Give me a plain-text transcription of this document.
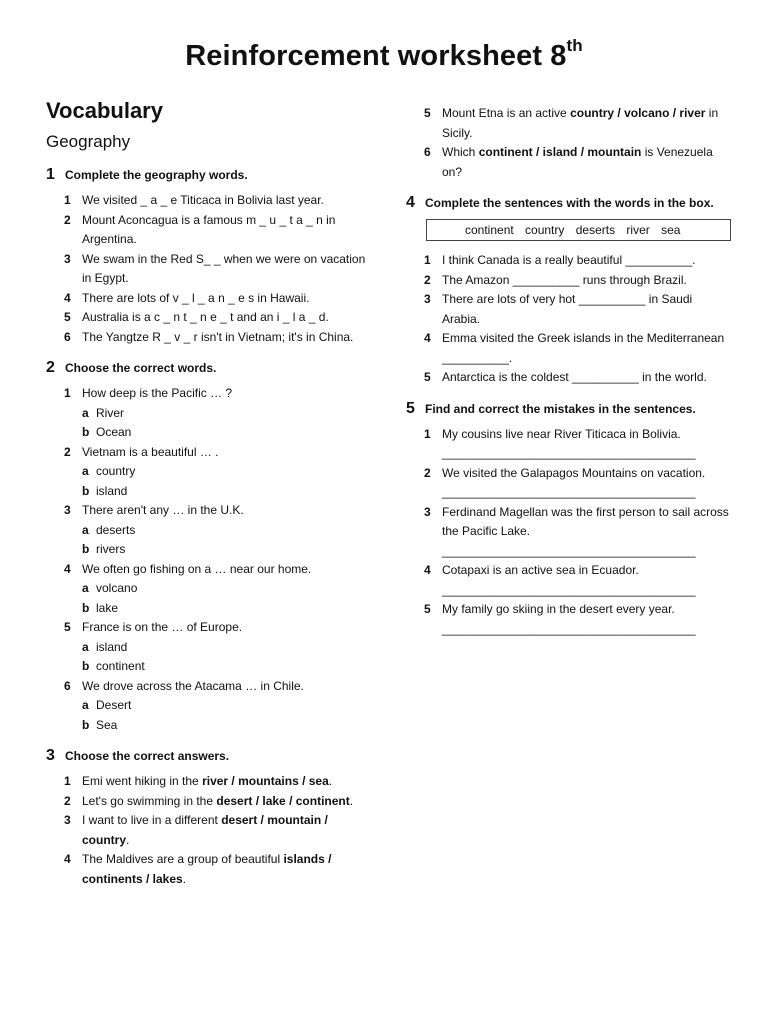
Reinforcement worksheet 8th
Vocabulary
Geography
1 Complete the geography words.
1 We visited _ a _ e Titicaca in Bolivia last year.
2 Mount Aconcagua is a famous m _ u _ t a _ n in Argentina.
3 We swam in the Red S_ _ when we were on vacation in Egypt.
4 There are lots of v _ l _ a n _ e s in Hawaii.
5 Australia is a c _ n t _ n e _ t and an i _ l a _ d.
6 The Yangtze R _ v _ r isn't in Vietnam; it's in China.
2 Choose the correct words.
1 How deep is the Pacific … ?
a River
b Ocean
2 Vietnam is a beautiful … .
a country
b island
3 There aren't any … in the U.K.
a deserts
b rivers
4 We often go fishing on a … near our home.
a volcano
b lake
5 France is on the … of Europe.
a island
b continent
6 We drove across the Atacama … in Chile.
a Desert
b Sea
3 Choose the correct answers.
1 Emi went hiking in the river / mountains / sea.
2 Let's go swimming in the desert / lake / continent.
3 I want to live in a different desert / mountain / country.
4 The Maldives are a group of beautiful islands / continents / lakes.
5 Mount Etna is an active country / volcano / river in Sicily.
6 Which continent / island / mountain is Venezuela on?
4 Complete the sentences with the words in the box.
continent country deserts river sea
1 I think Canada is a really beautiful __________.
2 The Amazon __________ runs through Brazil.
3 There are lots of very hot __________ in Saudi Arabia.
4 Emma visited the Greek islands in the Mediterranean __________.
5 Antarctica is the coldest __________ in the world.
5 Find and correct the mistakes in the sentences.
1 My cousins live near River Titicaca in Bolivia.
______________________________________
2 We visited the Galapagos Mountains on vacation.
______________________________________
3 Ferdinand Magellan was the first person to sail across the Pacific Lake.
______________________________________
4 Cotapaxi is an active sea in Ecuador.
______________________________________
5 My family go skiing in the desert every year.
______________________________________
